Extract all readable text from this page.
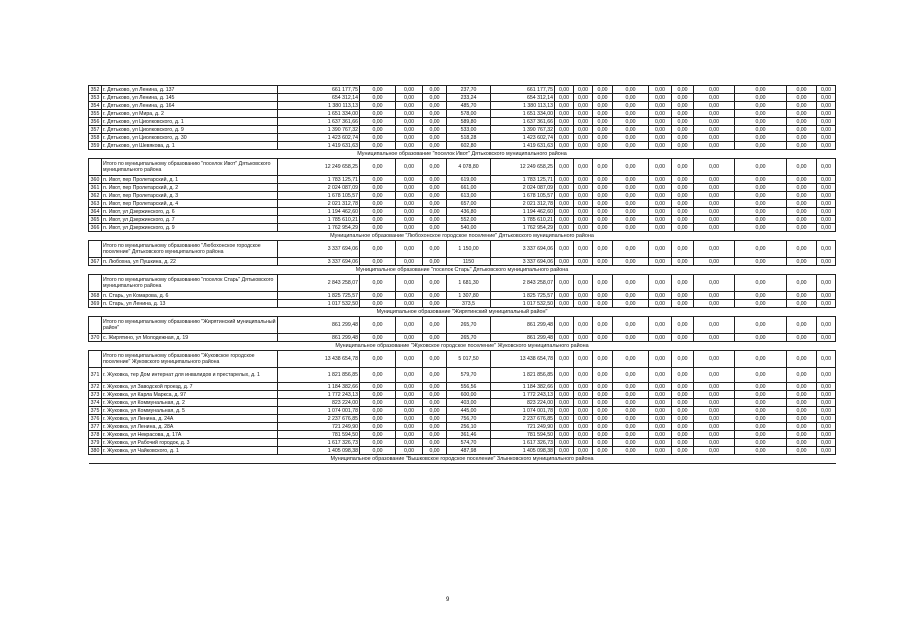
352	г. Дятьково, ул Ленина, д. 137	661 177,75	0,00	0,00	0,00	237,70	661 177,75	0,00	0,00	0,00	0,00	0,00	0,00	0,00	0,00	0,00	0,00
353	г. Дятьково, ул Ленина, д. 145	654 312,14	0,00	0,00	0,00	233,24	654 312,14	0,00	0,00	0,00	0,00	0,00	0,00	0,00	0,00	0,00	0,00
354	г. Дятьково, ул Ленина, д. 164	1 380 113,13	0,00	0,00	0,00	485,70	1 380 113,13	0,00	0,00	0,00	0,00	0,00	0,00	0,00	0,00	0,00	0,00
355	г. Дятьково, ул Мира, д. 2	1 651 334,00	0,00	0,00	0,00	578,00	1 651 334,00	0,00	0,00	0,00	0,00	0,00	0,00	0,00	0,00	0,00	0,00
356	г. Дятьково, ул Циолковского, д. 1	1 637 361,66	0,00	0,00	0,00	589,80	1 637 361,66	0,00	0,00	0,00	0,00	0,00	0,00	0,00	0,00	0,00	0,00
357	г. Дятьково, ул Циолковского, д. 9	1 390 767,32	0,00	0,00	0,00	533,00	1 390 767,32	0,00	0,00	0,00	0,00	0,00	0,00	0,00	0,00	0,00	0,00
358	г. Дятьково, ул Циолковского, д. 30	1 423 602,74	0,00	0,00	0,00	518,28	1 423 602,74	0,00	0,00	0,00	0,00	0,00	0,00	0,00	0,00	0,00	0,00
359	г. Дятьково, ул Шевякова, д. 1	1 419 631,63	0,00	0,00	0,00	602,80	1 419 631,63	0,00	0,00	0,00	0,00	0,00	0,00	0,00	0,00	0,00	0,00
Муниципальное образование "поселок Ивот" Дятьковского муниципального района																	
	Итого по муниципальному образованию "поселок Ивот" Дятьковского муниципального района	12 249 658,25	0,00	0,00	0,00	4 078,80	12 249 658,25	0,00	0,00	0,00	0,00	0,00	0,00	0,00	0,00	0,00	0,00
360	п. Ивот, пер Пролетарский, д. 1	1 783 125,71	0,00	0,00	0,00	619,00	1 783 125,71	0,00	0,00	0,00	0,00	0,00	0,00	0,00	0,00	0,00	0,00
361	п. Ивот, пер Пролетарский, д. 2	2 024 087,09	0,00	0,00	0,00	661,00	2 024 087,09	0,00	0,00	0,00	0,00	0,00	0,00	0,00	0,00	0,00	0,00
362	п. Ивот, пер Пролетарский, д. 3	1 678 105,57	0,00	0,00	0,00	613,00	1 678 105,57	0,00	0,00	0,00	0,00	0,00	0,00	0,00	0,00	0,00	0,00
363	п. Ивот, пер Пролетарский, д. 4	2 021 312,78	0,00	0,00	0,00	657,00	2 021 312,78	0,00	0,00	0,00	0,00	0,00	0,00	0,00	0,00	0,00	0,00
364	п. Ивот, ул Дзержинского, д. 6	1 194 462,60	0,00	0,00	0,00	436,80	1 194 462,60	0,00	0,00	0,00	0,00	0,00	0,00	0,00	0,00	0,00	0,00
365	п. Ивот, ул Дзержинского, д. 7	1 785 610,21	0,00	0,00	0,00	552,00	1 785 610,21	0,00	0,00	0,00	0,00	0,00	0,00	0,00	0,00	0,00	0,00
366	п. Ивот, ул Дзержинского, д. 9	1 762 954,29	0,00	0,00	0,00	540,00	1 762 954,29	0,00	0,00	0,00	0,00	0,00	0,00	0,00	0,00	0,00	0,00
Муниципальное образование "Любохонское городское поселение" Дятьковского муниципального района																	
	Итого по муниципальному образованию "Любохонское городское поселение" Дятьковского муниципального района	3 337 694,06	0,00	0,00	0,00	1 150,00	3 337 694,06	0,00	0,00	0,00	0,00	0,00	0,00	0,00	0,00	0,00	0,00
367	п. Любохна, ул Пушкина, д. 22	3 337 694,06	0,00	0,00	0,00	1150	3 337 694,06	0,00	0,00	0,00	0,00	0,00	0,00	0,00	0,00	0,00	0,00
Муниципальное образование "поселок Старь" Дятьковского муниципального района																	
	Итого по муниципальному образованию "поселок Старь" Дятьковского муниципального района	2 843 258,07	0,00	0,00	0,00	1 681,30	2 843 258,07	0,00	0,00	0,00	0,00	0,00	0,00	0,00	0,00	0,00	0,00
368	п. Старь, ул Комарова, д. 6	1 825 725,57	0,00	0,00	0,00	1 307,80	1 825 725,57	0,00	0,00	0,00	0,00	0,00	0,00	0,00	0,00	0,00	0,00
369	п. Старь, ул Ленина, д. 13	1 017 532,50	0,00	0,00	0,00	373,5	1 017 532,50	0,00	0,00	0,00	0,00	0,00	0,00	0,00	0,00	0,00	0,00
Муниципальное образование "Жирятинский муниципальный район"																	
	Итого по муниципальному образованию "Жирятинский муниципальный район"	861 299,48	0,00	0,00	0,00	265,70	861 299,48	0,00	0,00	0,00	0,00	0,00	0,00	0,00	0,00	0,00	0,00
370	с. Жирятино, ул Молодежная, д. 19	861 299,48	0,00	0,00	0,00	265,70	861 299,48	0,00	0,00	0,00	0,00	0,00	0,00	0,00	0,00	0,00	0,00
Муниципальное образование "Жуковское городское поселение" Жуковского муниципального района																	
	Итого по муниципальному образованию "Жуковское городское поселение" Жуковского муниципального района	13 438 654,78	0,00	0,00	0,00	5 017,50	13 438 654,78	0,00	0,00	0,00	0,00	0,00	0,00	0,00	0,00	0,00	0,00
371	г. Жуковка, тер Дом интернат для инвалидов и престарелых, д. 1	1 821 856,85	0,00	0,00	0,00	579,70	1 821 856,85	0,00	0,00	0,00	0,00	0,00	0,00	0,00	0,00	0,00	0,00
372	г. Жуковка, ул Заводской проезд, д. 7	1 184 382,66	0,00	0,00	0,00	556,56	1 184 382,66	0,00	0,00	0,00	0,00	0,00	0,00	0,00	0,00	0,00	0,00
373	г. Жуковка, ул Карла Маркса, д. 97	1 772 243,13	0,00	0,00	0,00	600,00	1 772 243,13	0,00	0,00	0,00	0,00	0,00	0,00	0,00	0,00	0,00	0,00
374	г. Жуковка, ул Коммунальная, д. 2	823 224,00	0,00	0,00	0,00	403,00	823 224,00	0,00	0,00	0,00	0,00	0,00	0,00	0,00	0,00	0,00	0,00
375	г. Жуковка, ул Коммунальная, д. 5	1 074 001,78	0,00	0,00	0,00	445,00	1 074 001,78	0,00	0,00	0,00	0,00	0,00	0,00	0,00	0,00	0,00	0,00
376	г. Жуковка, ул Ленина, д. 24А	2 237 676,85	0,00	0,00	0,00	756,70	2 237 676,85	0,00	0,00	0,00	0,00	0,00	0,00	0,00	0,00	0,00	0,00
377	г. Жуковка, ул Ленина, д. 28А	721 249,90	0,00	0,00	0,00	256,10	721 249,90	0,00	0,00	0,00	0,00	0,00	0,00	0,00	0,00	0,00	0,00
378	г. Жуковка, ул Некрасова, д. 17А	781 594,50	0,00	0,00	0,00	361,46	781 594,50	0,00	0,00	0,00	0,00	0,00	0,00	0,00	0,00	0,00	0,00
379	г. Жуковка, ул Рабочий городок, д. 3	1 617 326,73	0,00	0,00	0,00	574,70	1 617 326,73	0,00	0,00	0,00	0,00	0,00	0,00	0,00	0,00	0,00	0,00
380	г. Жуковка, ул Чайковского, д. 1	1 405 098,38	0,00	0,00	0,00	487,98	1 405 098,38	0,00	0,00	0,00	0,00	0,00	0,00	0,00	0,00	0,00	0,00
Муниципальное образование "Вышковское городское поселение" Злынковского муниципального района																	
9
